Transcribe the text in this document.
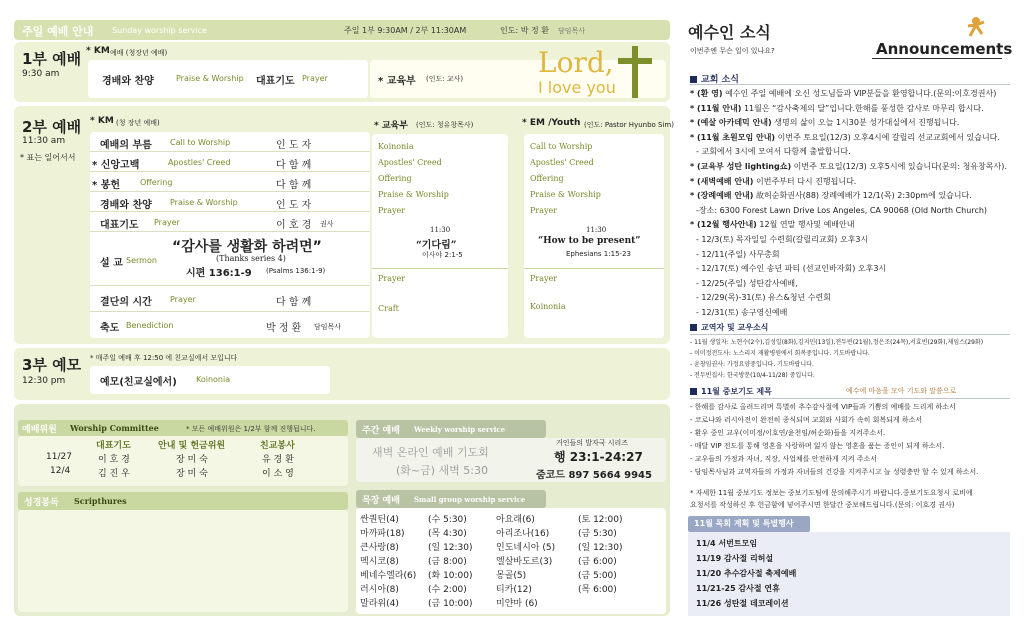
주일 예배 안내 Sunday worship service	주일 1부 9:30AM / 2부 11:30AM	인도: 박 정 환 담임목사
1부 예배
9:30 am
* KM 예배 (청장년 예배)
경배와 찬양	Praise & Worship 대표기도 Prayer	* 교육부 (인도: 교사)	Lord,
I love you
2부 예배
11:30 am
* 표는 일어서서
* KM (청 장년 예배)
예배의 부름 Call to Worship	인 도 자
* 신앙고백	Apostles' Creed	다 함 께
* 봉헌 Offering	다 함 께
경배와 찬양 Praise & Worship	인 도 자
대표기도 Prayer	이 호 경 권사
설 교 Sermon
“감사를 생활화 하려면”
(Thanks series 4)
시편 136:1-9 (Psalms 136:1-9)
결단의 시간 Prayer	다 함 께
축도 Benediction	박 정 환 담임목사
* 교육부 (인도: 청유창목사)
Koinonia
Apostles' Creed
Offering
Praise & Worship
Prayer
11:30
“기다림”
이사야 2:1-5
Prayer
Craft
* EM /Youth (인도: Pastor Hyunbo Sim)
Call to Worship
Apostles' Creed
Offering
Praise & Worship
Prayer
11:30
“How to be present”
Ephesians 1:15-23
Prayer
Koinonia
3부 예모
12:30 pm
* 매주일 예배 후 12:50 에 친교실에서 모입니다
예모(친교실에서) Koinonia
예배위원 Worship Committee	* 모든 예배위원은 1/2부 함께 진행됩니다.
대표기도	안내 및 헌금위원	친교봉사
11/27	이 호 경	장 미 숙	유 경 환
12/4	김 진 우	장 미 숙	이 소 영
성경봉독 Scripthures
주간 예배 Weekly worship service
새벽 온라인 예배 기도회
(화~금) 새벽 5:30
거인들의 발자국 시리즈
행 23:1-24:27
줌코드 897 5664 9945
목장 예배 Small group worship service
싼퀀틴(4)	(수 5:30)	아요래(6)	(토 12:00)
마까파(18)	(목 4:30)	아리조나(16)	(금 5:30)
큰사랑(8)	(일 12:30)	인도네시아 (5)	(일 12:30)
멕시코(8)	(금 8:00)	엘살바도르(3)	(금 6:00)
베네수엘라(6) (화 10:00)	몽골(5)	(금 5:00)
러시아(8)	(수 2:00)	티카(12)	(목 6:00)
말라위(4)	(금 10:00)	미얀마 (6)
예수인 소식
이번주엔 무슨 일이 있나요?	Announcements
교회 소식
* (환 영) 예수인 주일 예배에 오신 성도님들과 VIP분들을 환영합니다.(문의:이호경권사)
* (11월 안내) 11월은 “감사축제의 달”입니다.한해를 풍성한 감사로 마무리 합시다.
* (예살 아카데믹 안내) 생명의 삶이 오늘 1시30분 성가대실에서 진행됩니다.
* (11월 초원모임 안내) 이번주 토요일(12/3) 오후4시에 갈릴리 선교교회에서 있습니다.
- 교회에서 3시에 모여서 다함께 출발합니다.
* (교육부 성탄 lighting쇼) 이번주 토요일(12/3) 오후5시에 있습니다(문의: 청유창목사).
* (새벽예배 안내) 이번주부터 다시 진행됩니다.
* (장례예배 안내) 故허순화권사(88) 장례예배가 12/1(목) 2:30pm에 있습니다.
-장소: 6300 Forest Lawn Drive Los Angeles, CA 90068 (Old North Church)
* (12월 행사안내) 12월 연말 행사및 예배안내
- 12/3(토) 목자일일 수련회(갈릴리교회) 오후3시
- 12/11(주일) 사무총회
- 12/17(토) 예수인 송년 파티 (선교인바자회) 오후3시
- 12/25(주일) 성탄감사예배,
- 12/29(목)-31(토) 유스&청년 수련회
- 12/31(토) 송구영신예배
교역자 및 교우소식
- 11월 생일자: 노현수(2수),김성일(8화),김지민(13일),전두빈(21월),정은조(24목),서효빈(29화),제임스(29화)
- 이미정전도사: 노스리지 재활병원에서 회복중입니다. 기도바랍니다.
- 윤창임권사: 가정요양중입니다. 기도바랍니다.
- 전두빈집사: 한국방문(10/4-11/28) 중입니다.
11월 중보기도 제목	예수에 마음을 모아 기도와 말씀으로
- 한해를 감사로 올려드리며 특별히 추수감사절에 VIP들과 기쁨의 예배를 드리게 하소서
- 코로나와 러시아전이 완전히 종식되며 교회와 사회가 속히 회복되게 하소서
- 환우 중인 교우(이미정/이호연/윤천임/허순화)들을 지켜주소서.
- 매달 VIP 전도를 통해 영혼을 사랑하며 잃지 않는 영혼을 품는 증인이 되게 하소서.
- 교우들의 가정과 자녀, 직장, 사업체를 안전하게 지켜 주소서
- 담임목사님과 교역자들의 가정과 자녀들의 건강을 지켜주시고 늘 성령충만 할 수 있게 하소서.
* 자세한 11월 중보기도 정보는 중보기도팀에 문의해주시기 바랍니다.중보기도요청시 로비에
요청서를 작성하신 후 헌금함에 넣어주시면 한달간 중보해드립니다.(문의: 이호경 권사)
11월 목회 계획 및 특별행사
11/4 서번트모임
11/19 감사절 리허설
11/20 추수감사절 축제예배
11/21-25 감사절 연휴
11/26 성탄절 데코레이션
